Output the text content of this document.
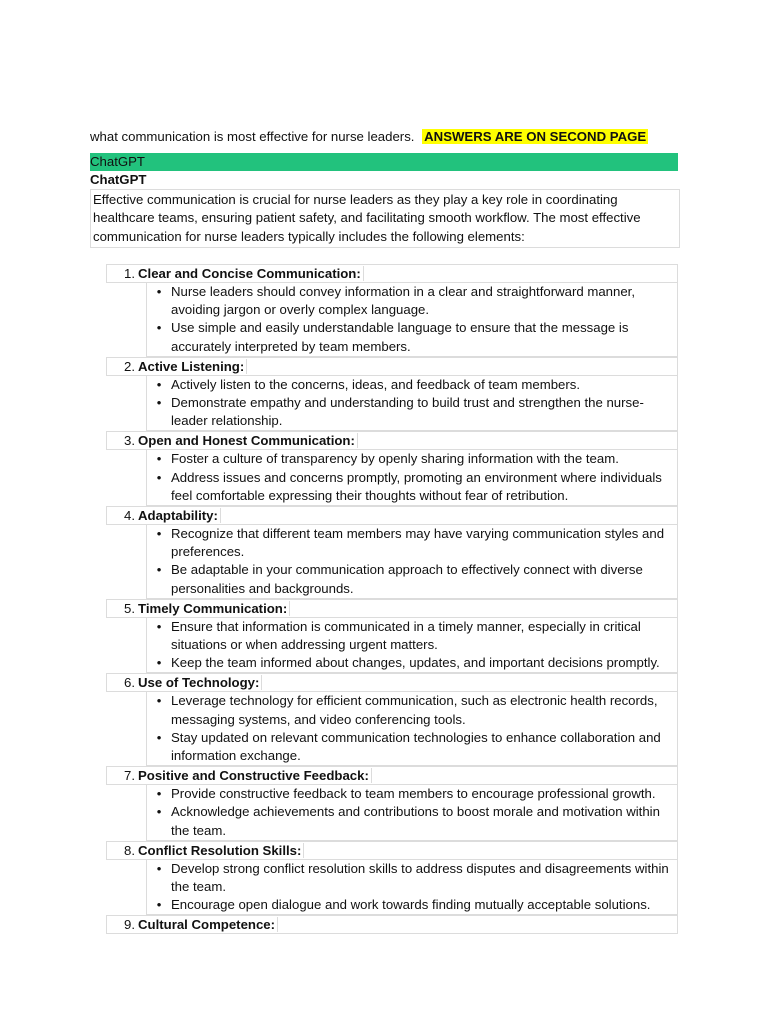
what communication is most effective for nurse leaders. ANSWERS ARE ON SECOND PAGE
ChatGPT
ChatGPT
Effective communication is crucial for nurse leaders as they play a key role in coordinating healthcare teams, ensuring patient safety, and facilitating smooth workflow. The most effective communication for nurse leaders typically includes the following elements:
1. Clear and Concise Communication:
• Nurse leaders should convey information in a clear and straightforward manner, avoiding jargon or overly complex language.
• Use simple and easily understandable language to ensure that the message is accurately interpreted by team members.
2. Active Listening:
• Actively listen to the concerns, ideas, and feedback of team members.
• Demonstrate empathy and understanding to build trust and strengthen the nurse-leader relationship.
3. Open and Honest Communication:
• Foster a culture of transparency by openly sharing information with the team.
• Address issues and concerns promptly, promoting an environment where individuals feel comfortable expressing their thoughts without fear of retribution.
4. Adaptability:
• Recognize that different team members may have varying communication styles and preferences.
• Be adaptable in your communication approach to effectively connect with diverse personalities and backgrounds.
5. Timely Communication:
• Ensure that information is communicated in a timely manner, especially in critical situations or when addressing urgent matters.
• Keep the team informed about changes, updates, and important decisions promptly.
6. Use of Technology:
• Leverage technology for efficient communication, such as electronic health records, messaging systems, and video conferencing tools.
• Stay updated on relevant communication technologies to enhance collaboration and information exchange.
7. Positive and Constructive Feedback:
• Provide constructive feedback to team members to encourage professional growth.
• Acknowledge achievements and contributions to boost morale and motivation within the team.
8. Conflict Resolution Skills:
• Develop strong conflict resolution skills to address disputes and disagreements within the team.
• Encourage open dialogue and work towards finding mutually acceptable solutions.
9. Cultural Competence:
